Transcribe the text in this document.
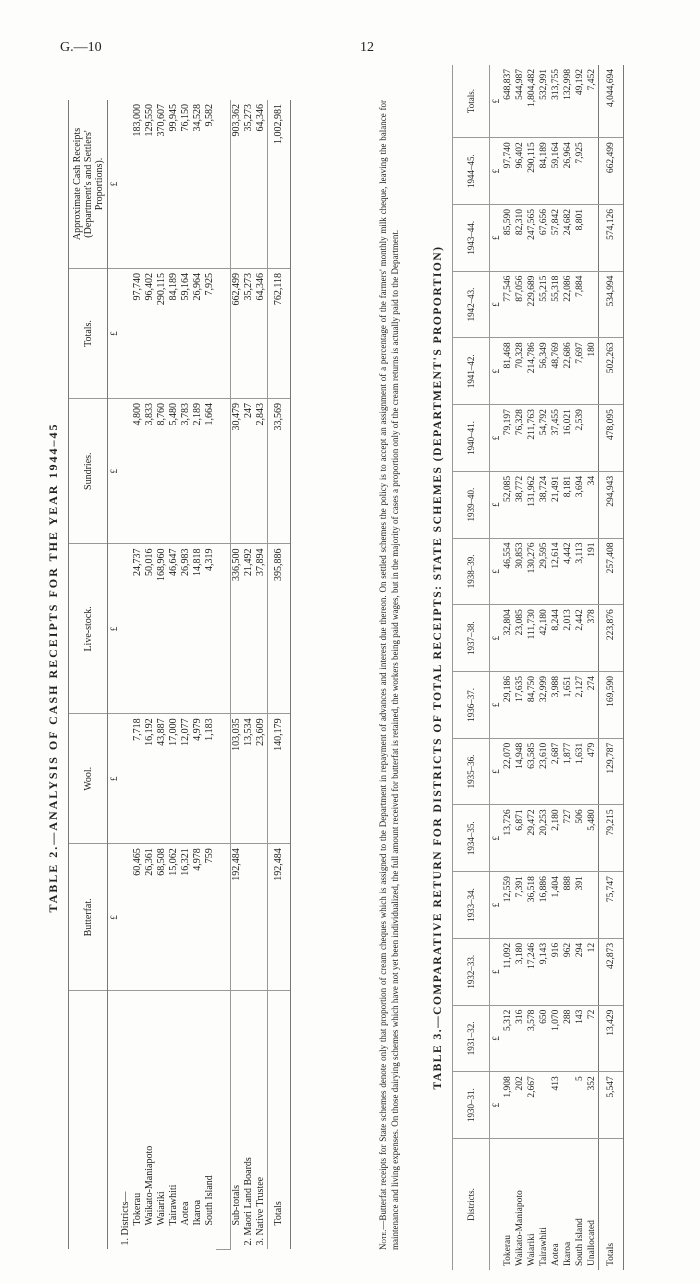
G.—10	12
TABLE 2.—ANALYSIS OF CASH RECEIPTS FOR THE YEAR 1944–45
	Butterfat.	Wool.	Live-stock.	Sundries.	Totals.	Approximate Cash Receipts (Department's and Settlers' Proportions).
	£	£	£	£	£	£
1. Districts—						
Tokerau	60,465	7,718	24,737	4,800	97,740	183,000
Waikato-Maniapoto	26,361	16,192	50,016	3,833	96,402	129,550
Waiariki	68,508	43,887	168,960	8,760	290,115	370,607
Tairawhiti	15,062	17,000	46,647	5,480	84,189	99,945
Aotea	16,321	12,077	26,983	3,783	59,164	76,150
Ikaroa	4,978	4,979	14,818	2,189	26,964	34,528
South Island	759	1,183	4,319	1,664	7,925	9,582

Sub-totals	192,484	103,035	336,500	30,479	662,499	903,362
2. Maori Land Boards		13,534	21,492	247	35,273	35,273
3. Native Trustee		23,609	37,894	2,843	64,346	64,346
Totals	192,484	140,179	395,886	33,569	762,118	1,002,981
Note.—Butterfat receipts for State schemes denote only that proportion of cream cheques which is assigned to the Department in repayment of advances and interest due thereon. On settled schemes the policy is to accept an assignment of a percentage of the farmers' monthly milk cheque, leaving the balance for maintenance and living expenses. On those dairying schemes which have not yet been individualized, the full amount received for butterfat is retained, the workers being paid wages, but in the majority of cases a proportion only of the cream returns is actually paid to the Department.	TABLE 3.—COMPARATIVE RETURN FOR DISTRICTS OF TOTAL RECEIPTS: STATE SCHEMES (DEPARTMENT'S PROPORTION)
Districts.	1930–31.	1931–32.	1932–33.	1933–34.	1934–35.	1935–36.	1936–37.	1937–38.	1938–39.	1939–40.	1940–41.	1941–42.	1942–43.	1943–44.	1944–45.	Totals.
	£	£	£	£	£	£	£	£	£	£	£	£	£	£	£	£
Tokerau	1,908	5,312	11,092	12,559	13,726	22,070	29,186	32,804	46,554	52,085	79,197	81,468	77,546	85,590	97,740	648,837
Waikato-Maniapoto	202	316	3,180	7,391	6,871	14,948	17,635	23,085	30,853	38,772	76,328	70,328	87,056	82,310	96,402	544,987
Waiariki	2,667	3,578	17,246	36,518	29,472	63,585	84,750	111,730	130,276	131,962	211,763	214,786	229,689	247,565	290,115	1,804,482
Tairawhiti		650	9,143	16,886	20,253	23,610	32,999	42,180	29,595	38,724	54,792	56,349	55,215	67,656	84,189	532,991
Aotea	413	1,070	916	1,404	2,180	2,687	3,988	8,244	12,614	21,491	37,455	48,769	55,318	57,842	59,164	313,755
Ikaroa		288	962	888	727	1,877	1,651	2,013	4,442	8,181	16,021	22,686	22,086	24,682	26,964	132,998
South Island	5	143	294	391	506	1,631	2,127	2,442	3,113	3,694	2,539	7,697	7,884	8,801	7,925	49,192
Unallocated	352	72	12		5,480	479	274	378	191	34		180				7,452
Totals	5,547	13,429	42,873	75,747	79,215	129,787	169,590	223,876	257,408	294,943	478,095	502,263	534,994	574,126	662,499	4,044,694
